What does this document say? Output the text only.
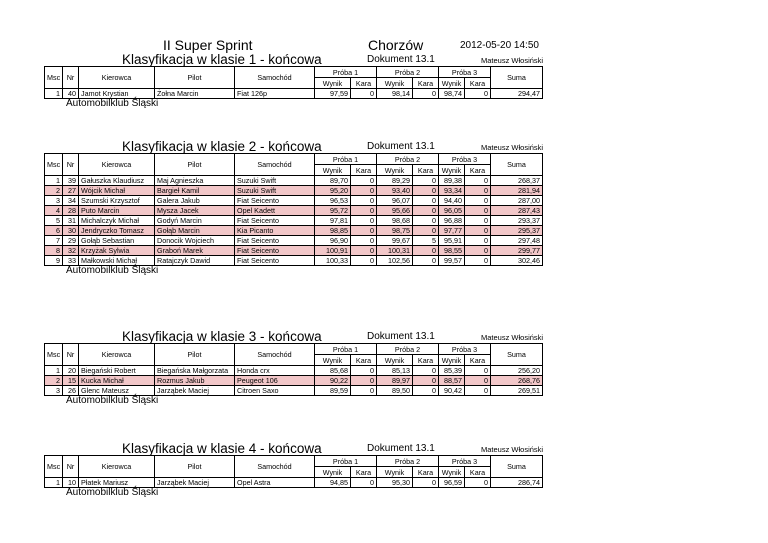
II Super Sprint	Chorzów	2012-05-20 14:50
Klasyfikacja w klasie 1 - końcowa	Dokument 13.1	Mateusz Włosiński
Msc	Nr	Kierowca	Pilot	Samochód	Próba 1		Próba 2		Próba 3		Suma
					Wynik	Kara	Wynik	Kara	Wynik	Kara	
1	40	Jamot Krystian	Żołna Marcin	Fiat 126p	97,59	0	98,14	0	98,74	0	294,47
Automobilklub Śląski
Klasyfikacja w klasie 2 - końcowa	Dokument 13.1	Mateusz Włosiński
Msc	Nr	Kierowca	Pilot	Samochód	Próba 1		Próba 2		Próba 3		Suma
					Wynik	Kara	Wynik	Kara	Wynik	Kara	
1	39	Gałuszka Klaudiusz	Maj Agnieszka	Suzuki Swift	89,70	0	89,29	0	89,38	0	268,37
2	27	Wójcik Michał	Bargieł Kamil	Suzuki Swift	95,20	0	93,40	0	93,34	0	281,94
3	34	Szumski Krzysztof	Galera Jakub	Fiat Seicento	96,53	0	96,07	0	94,40	0	287,00
4	28	Puto Marcin	Mysza Jacek	Opel Kadett	95,72	0	95,66	0	96,05	0	287,43
5	31	Michalczyk Michał	Godyń Marcin	Fiat Seicento	97,81	0	98,68	0	96,88	0	293,37
6	30	Jendryczko Tomasz	Gołąb Marcin	Kia Picanto	98,85	0	98,75	0	97,77	0	295,37
7	29	Gołąb Sebastian	Donocik Wojciech	Fiat Seicento	96,90	0	99,67	5	95,91	0	297,48
8	32	Krzyżak Sylwia	Graboń Marek	Fiat Seicento	100,91	0	100,31	0	98,55	0	299,77
9	33	Małkowski Michał	Ratajczyk Dawid	Fiat Seicento	100,33	0	102,56	0	99,57	0	302,46
Automobilklub Śląski
Klasyfikacja w klasie 3 - końcowa	Dokument 13.1	Mateusz Włosiński
Msc	Nr	Kierowca	Pilot	Samochód	Próba 1		Próba 2		Próba 3		Suma
					Wynik	Kara	Wynik	Kara	Wynik	Kara	
1	20	Biegański Robert	Biegańska Małgorzata	Honda crx	85,68	0	85,13	0	85,39	0	256,20
2	15	Kucka Michał	Rozmus Jakub	Peugeot 106	90,22	0	89,97	0	88,57	0	268,76
3	26	Glenc Mateusz	Jarząbek Maciej	Citroen Saxo	89,59	0	89,50	0	90,42	0	269,51
Automobilklub Śląski
Klasyfikacja w klasie 4 - końcowa	Dokument 13.1	Mateusz Włosiński
Msc	Nr	Kierowca	Pilot	Samochód	Próba 1		Próba 2		Próba 3		Suma
					Wynik	Kara	Wynik	Kara	Wynik	Kara	
1	10	Płatek Mariusz	Jarząbek Maciej	Opel Astra	94,85	0	95,30	0	96,59	0	286,74
Automobilklub Śląski
